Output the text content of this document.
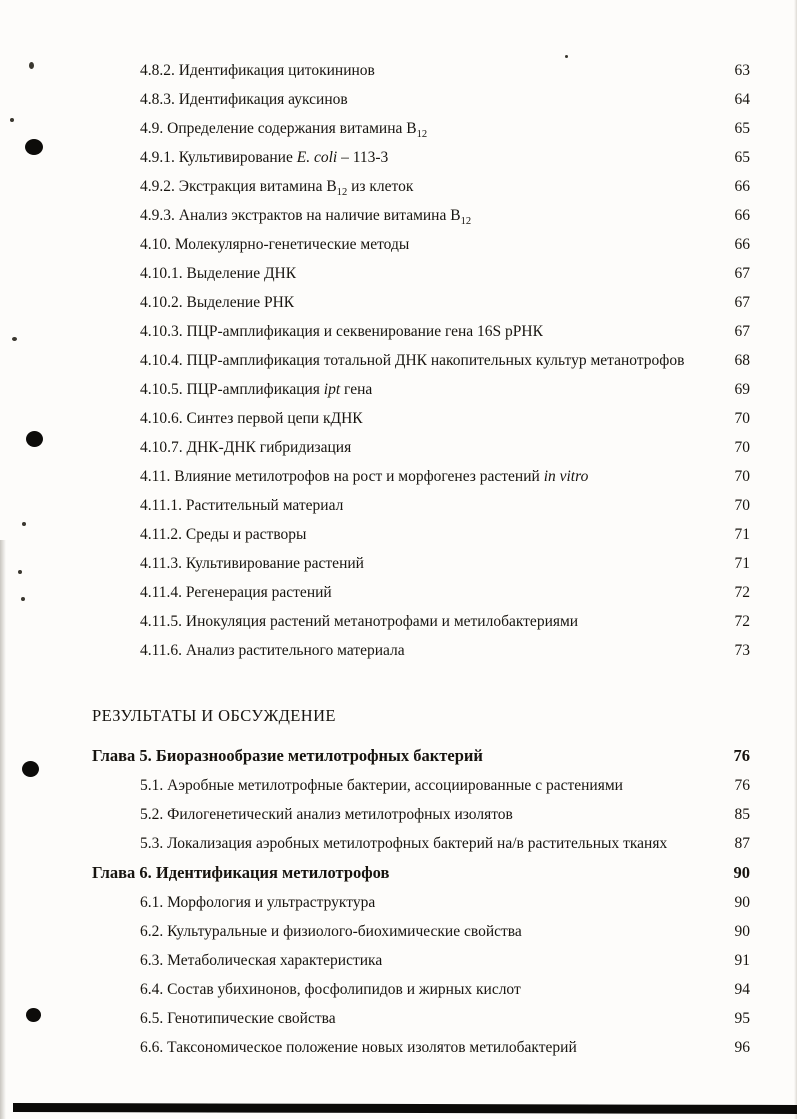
4.8.2. Идентификация цитокининов	63
4.8.3. Идентификация ауксинов	64
4.9. Определение содержания витамина $B_{12}$	65
4.9.1. Культивирование E. coli – 113-3	65
4.9.2. Экстракция витамина $B_{12}$ из клеток	66
4.9.3. Анализ экстрактов на наличие витамина $B_{12}$	66
4.10. Молекулярно-генетические методы	66
4.10.1. Выделение ДНК	67
4.10.2. Выделение РНК	67
4.10.3. ПЦР-амплификация и секвенирование гена 16S рРНК	67
4.10.4. ПЦР-амплификация тотальной ДНК накопительных культур метанотрофов	68
4.10.5. ПЦР-амплификация ipt гена	69
4.10.6. Синтез первой цепи кДНК	70
4.10.7. ДНК-ДНК гибридизация	70
4.11. Влияние метилотрофов на рост и морфогенез растений in vitro	70
4.11.1. Растительный материал	70
4.11.2. Среды и растворы	71
4.11.3. Культивирование растений	71
4.11.4. Регенерация растений	72
4.11.5. Инокуляция растений метанотрофами и метилобактериями	72
4.11.6. Анализ растительного материала	73
РЕЗУЛЬТАТЫ И ОБСУЖДЕНИЕ
Глава 5. Биоразнообразие метилотрофных бактерий	76
5.1. Аэробные метилотрофные бактерии, ассоциированные с растениями	76
5.2. Филогенетический анализ метилотрофных изолятов	85
5.3. Локализация аэробных метилотрофных бактерий на/в растительных тканях	87
Глава 6. Идентификация метилотрофов	90
6.1. Морфология и ультраструктура	90
6.2. Культуральные и физиолого-биохимические свойства	90
6.3. Метаболическая характеристика	91
6.4. Состав убихинонов, фосфолипидов и жирных кислот	94
6.5. Генотипические свойства	95
6.6. Таксономическое положение новых изолятов метилобактерий	96
